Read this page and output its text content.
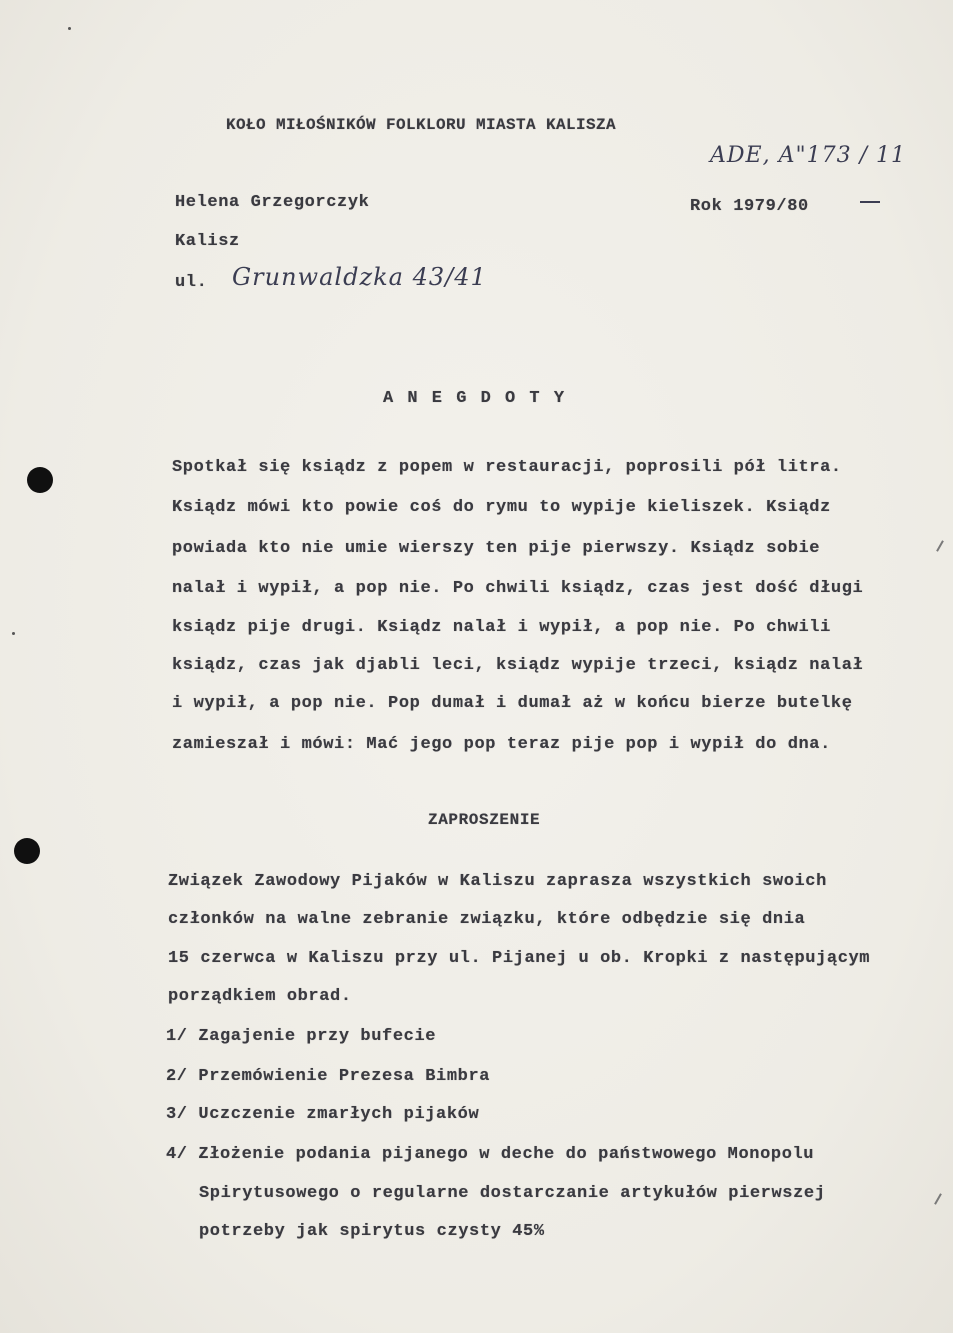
KOŁO MIŁOŚNIKÓW FOLKLORU MIASTA KALISZA
ADE, A"173 / 11
Helena Grzegorczyk	Rok 1979/80
Kalisz
ul. Grunwaldzka 43/41
A N E G D O T Y
Spotkał się ksiądz z popem w restauracji, poprosili pół litra.
Ksiądz mówi kto powie coś do rymu to wypije kieliszek. Ksiądz
powiada kto nie umie wierszy ten pije pierwszy. Ksiądz sobie
nalał i wypił, a pop nie. Po chwili ksiądz, czas jest dość długi
ksiądz pije drugi. Ksiądz nalał i wypił, a pop nie. Po chwili
ksiądz, czas jak djabli leci, ksiądz wypije trzeci, ksiądz nalał
i wypił, a pop nie. Pop dumał i dumał aż w końcu bierze butelkę
zamieszał i mówi: Mać jego pop teraz pije pop i wypił do dna.
ZAPROSZENIE
Związek Zawodowy Pijaków w Kaliszu zaprasza wszystkich swoich
członków na walne zebranie związku, które odbędzie się dnia
15 czerwca w Kaliszu przy ul. Pijanej u ob. Kropki z następującym
porządkiem obrad.
1/ Zagajenie przy bufecie
2/ Przemówienie Prezesa Bimbra
3/ Uczczenie zmarłych pijaków
4/ Złożenie podania pijanego w deche do państwowego Monopolu
Spirytusowego o regularne dostarczanie artykułów pierwszej
potrzeby jak spirytus czysty 45%
